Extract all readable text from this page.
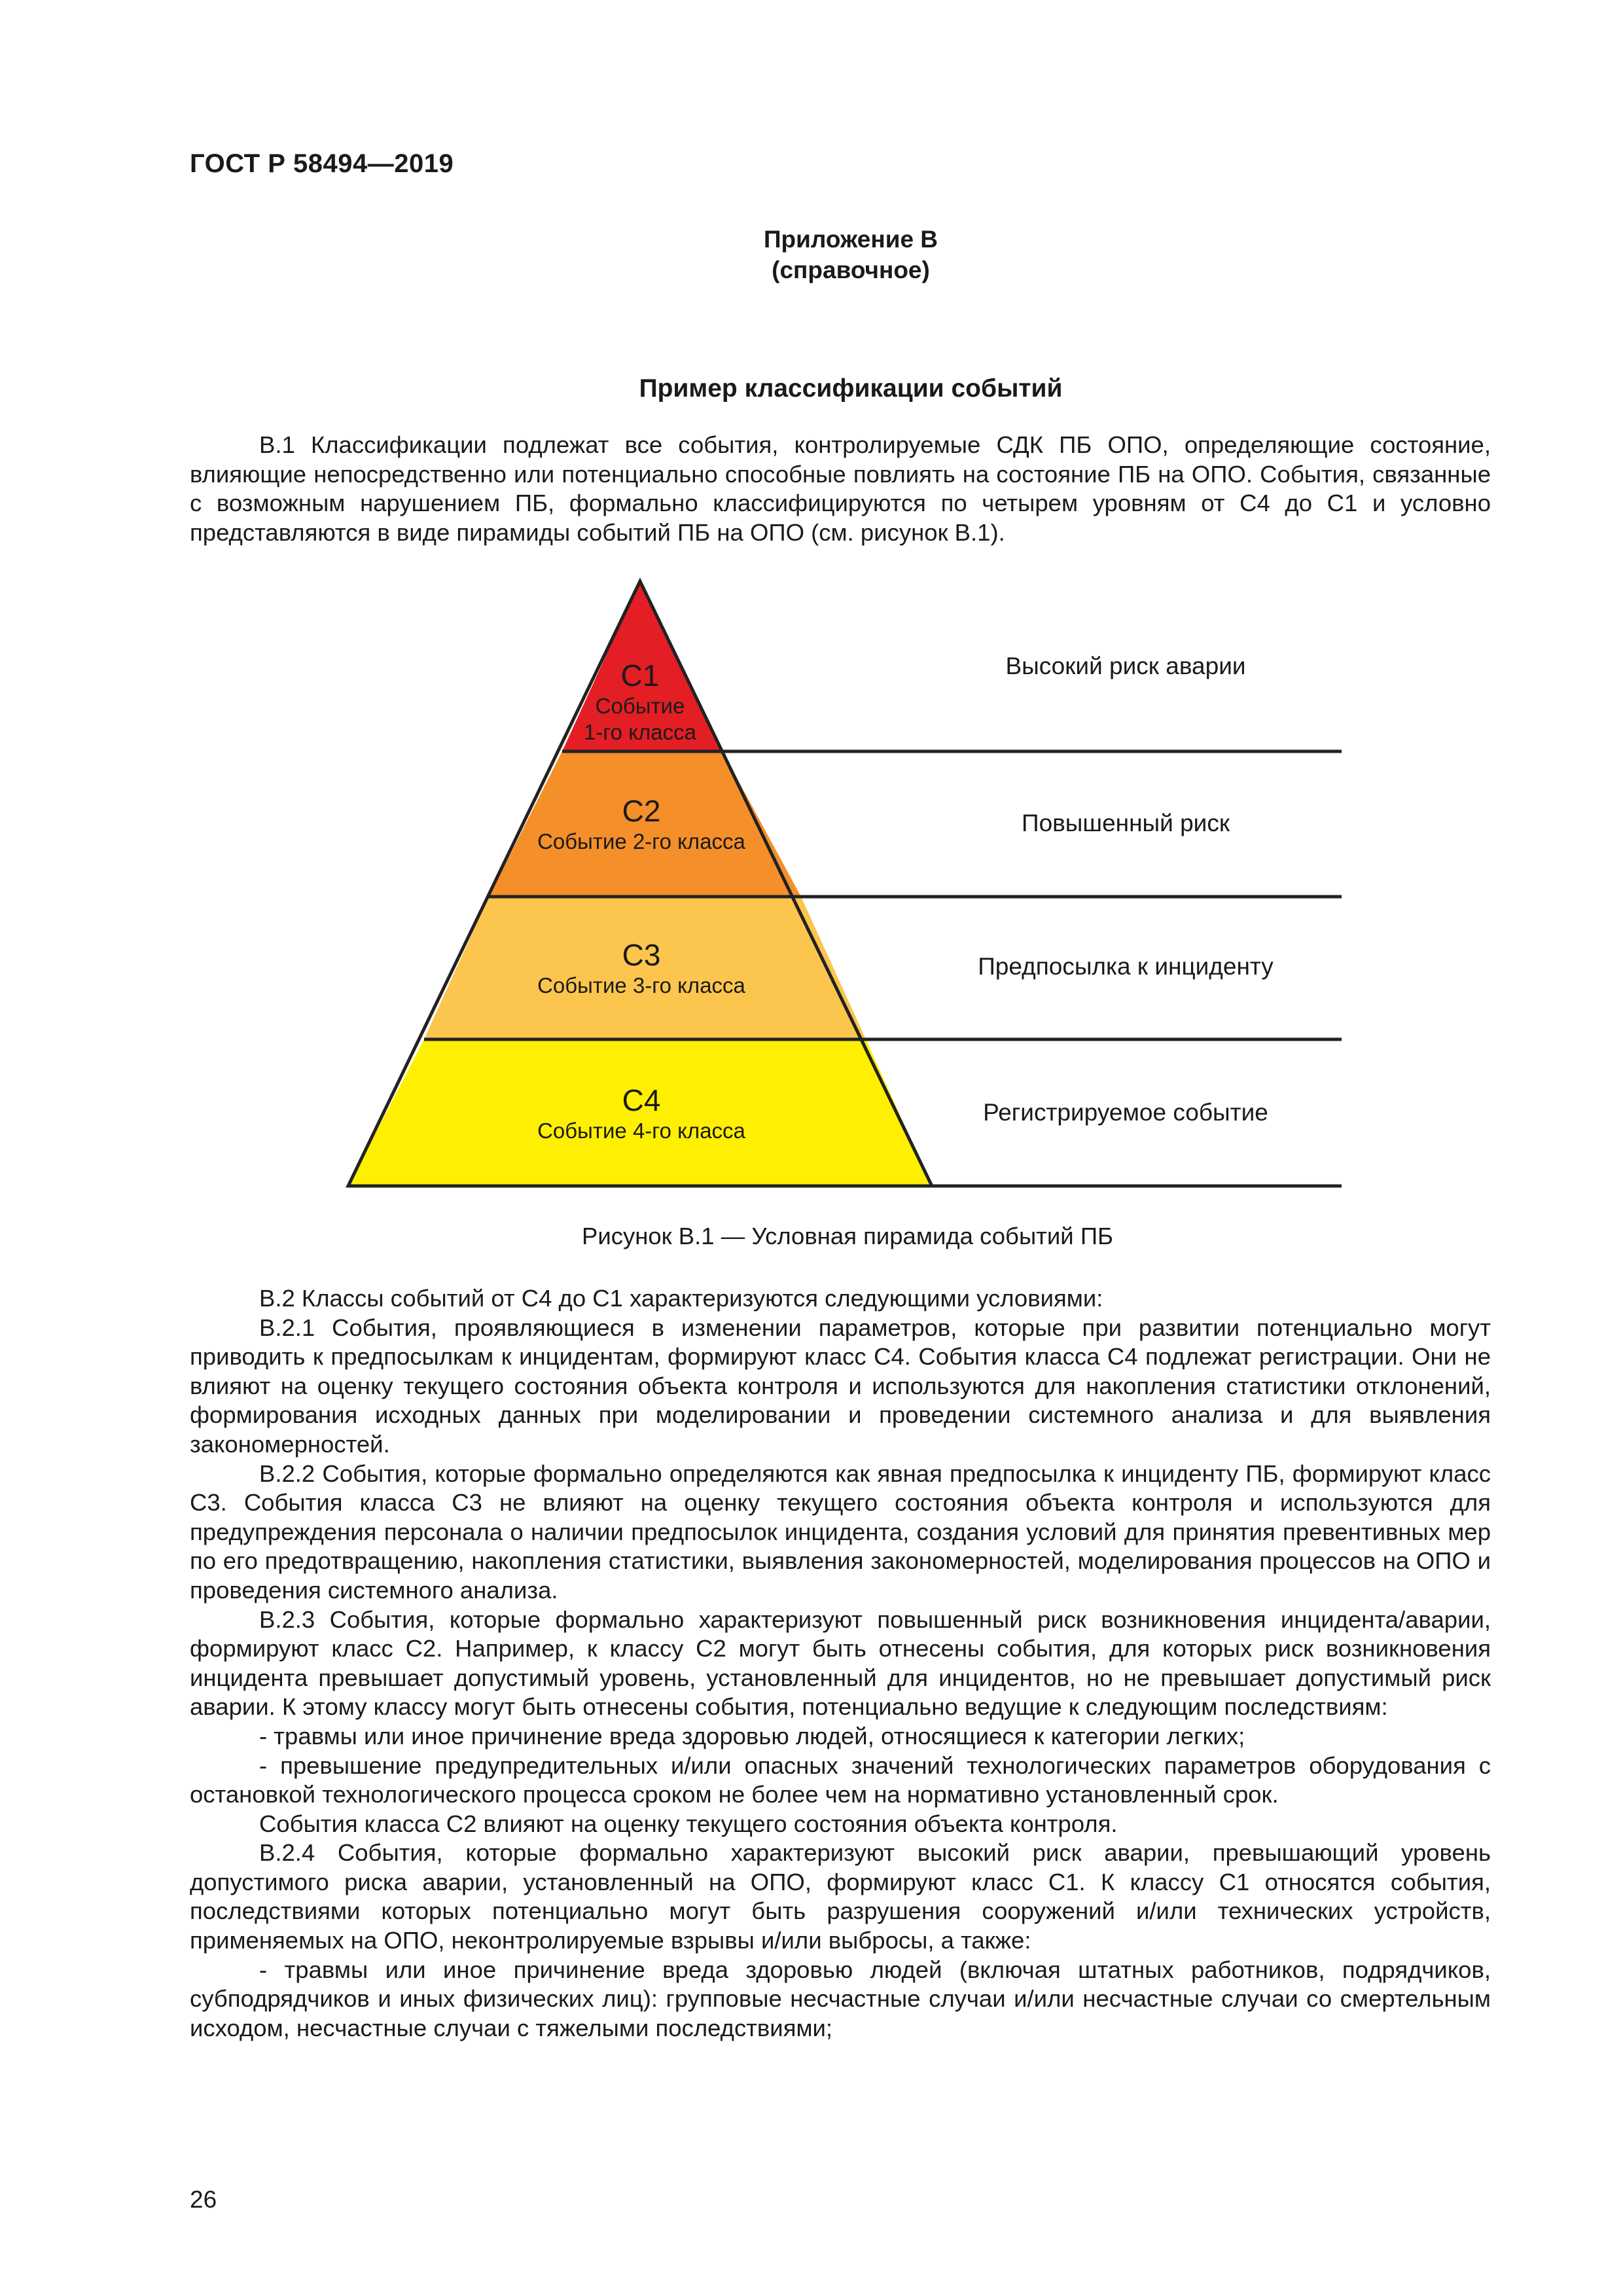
ГОСТ Р 58494—2019
Приложение В
(справочное)
Пример классификации событий

В.1 Классификации подлежат все события, контролируемые СДК ПБ ОПО, определяющие состояние, влияющие непосредственно или потенциально способные повлиять на состояние ПБ на ОПО. События, связанные с возможным нарушением ПБ, формально классифицируются по четырем уровням от С4 до С1 и условно представляются в виде пирамиды событий ПБ на ОПО (см. рисунок В.1).

С1
Событие
1-го класса
С2
Событие 2-го класса
С3
Событие 3-го класса
С4
Событие 4-го класса
Высокий риск аварии
Повышенный риск
Предпосылка к инциденту
Регистрируемое событие
Рисунок В.1 — Условная пирамида событий ПБ

В.2 Классы событий от С4 до С1 характеризуются следующими условиями:

В.2.1 События, проявляющиеся в изменении параметров, которые при развитии потенциально могут приводить к предпосылкам к инцидентам, формируют класс С4. События класса С4 подлежат регистрации. Они не влияют на оценку текущего состояния объекта контроля и используются для накопления статистики отклонений, формирования исходных данных при моделировании и проведении системного анализа и для выявления закономерностей.

В.2.2 События, которые формально определяются как явная предпосылка к инциденту ПБ, формируют класс С3. События класса С3 не влияют на оценку текущего состояния объекта контроля и используются для предупреждения персонала о наличии предпосылок инцидента, создания условий для принятия превентивных мер по его предотвращению, накопления статистики, выявления закономерностей, моделирования процессов на ОПО и проведения системного анализа.

В.2.3 События, которые формально характеризуют повышенный риск возникновения инцидента/аварии, формируют класс С2. Например, к классу С2 могут быть отнесены события, для которых риск возникновения инцидента превышает допустимый уровень, установленный для инцидентов, но не превышает допустимый риск аварии. К этому классу могут быть отнесены события, потенциально ведущие к следующим последствиям:

- травмы или иное причинение вреда здоровью людей, относящиеся к категории легких;

- превышение предупредительных и/или опасных значений технологических параметров оборудования с остановкой технологического процесса сроком не более чем на нормативно установленный срок.

События класса С2 влияют на оценку текущего состояния объекта контроля.

В.2.4 События, которые формально характеризуют высокий риск аварии, превышающий уровень допустимого риска аварии, установленный на ОПО, формируют класс С1. К классу С1 относятся события, последствиями которых потенциально могут быть разрушения сооружений и/или технических устройств, применяемых на ОПО, неконтролируемые взрывы и/или выбросы, а также:

- травмы или иное причинение вреда здоровью людей (включая штатных работников, подрядчиков, субподрядчиков и иных физических лиц): групповые несчастные случаи и/или несчастные случаи со смертельным исходом, несчастные случаи с тяжелыми последствиями;

26
